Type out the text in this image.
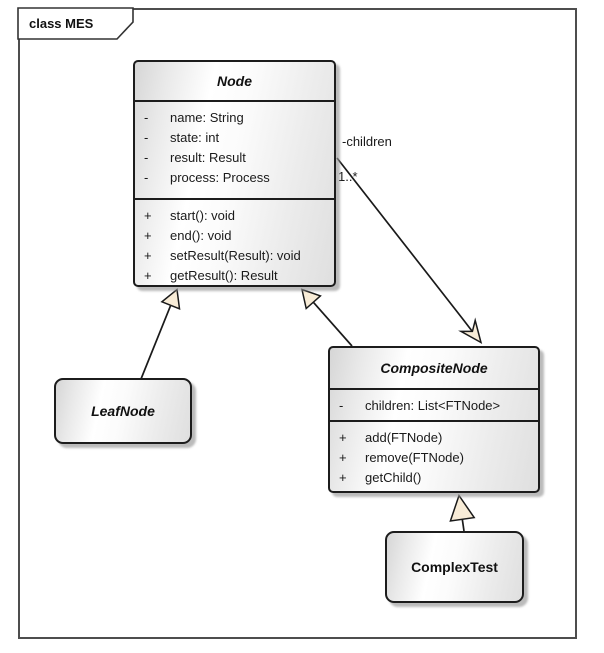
-children
1..*
class MES
Node
-	name: String
-	state: int
-	result: Result
-	process: Process
+	start(): void
+	end(): void
+	setResult(Result): void
+	getResult(): Result
LeafNode
CompositeNode
-	children: List<FTNode>
+	add(FTNode)
+	remove(FTNode)
+	getChild()
ComplexTest
